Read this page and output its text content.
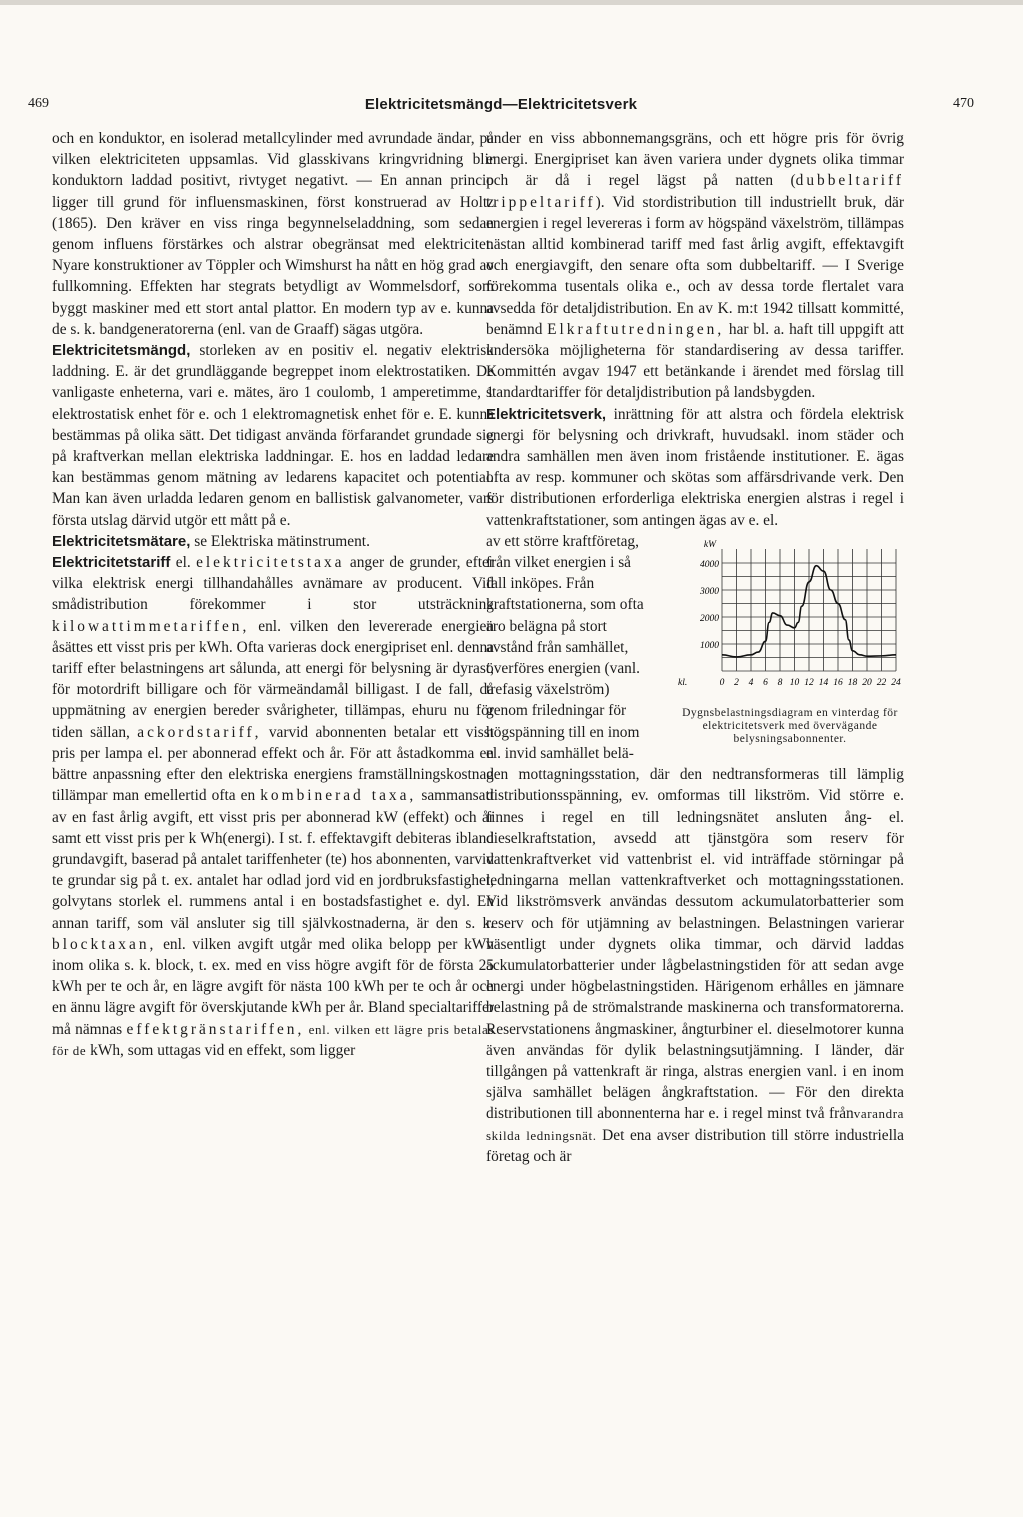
469	Elektricitetsmängd—Elektricitetsverk	470

och en konduktor, en isolerad metallcylinder med avrundade ändar, på vilken elektriciteten uppsamlas. Vid glasskivans kringvridning blir konduktorn laddad positivt, rivtyget negativt. — En annan princip ligger till grund för influensmaskinen, först konstruerad av Holtz (1865). Den kräver en viss ringa begynnelseladdning, som sedan genom influens förstärkes och alstrar obegränsat med elektricitet. Nyare konstruktioner av Töppler och Wimshurst ha nått en hög grad av fullkomning. Effekten har stegrats betydligt av Wommelsdorf, som byggt maskiner med ett stort antal plattor. En modern typ av e. kunna de s. k. bandgeneratorerna (enl. van de Graaff) sägas utgöra.

Elektricitetsmängd, storleken av en positiv el. negativ elektrisk laddning. E. är det grundläggande begreppet inom elektrostatiken. De vanligaste enheterna, vari e. mätes, äro 1 coulomb, 1 amperetimme, 1 elektrostatisk enhet för e. och 1 elektromagnetisk enhet för e. E. kunna bestämmas på olika sätt. Det tidigast använda förfarandet grundade sig på kraftverkan mellan elektriska laddningar. E. hos en laddad ledare kan bestämmas genom mätning av ledarens kapacitet och potential. Man kan även urladda ledaren genom en ballistisk galvanometer, vars första utslag därvid utgör ett mått på e.

Elektricitetsmätare, se Elektriska mätinstrument.

Elektricitetstariff el. elektricitetstaxa anger de grunder, efter vilka elektrisk energi tillhandahålles avnämare av producent. Vid smådistribution förekommer i stor utsträckning kilowattimmetariffen, enl. vilken den levererade energien åsättes ett visst pris per kWh. Ofta varieras dock energipriset enl. denna tariff efter belastningens art sålunda, att energi för belysning är dyrast, för motordrift billigare och för värmeändamål billigast. I de fall, då uppmätning av energien bereder svårigheter, tillämpas, ehuru nu för tiden sällan, ackordstariff, varvid abonnenten betalar ett visst pris per lampa el. per abonnerad effekt och år. För att åstadkomma en bättre anpassning efter den elektriska energiens framställningskostnad tillämpar man emellertid ofta en kombinerad taxa, sammansatt av en fast årlig avgift, ett visst pris per abonnerad kW (effekt) och år samt ett visst pris per k Wh(energi). I st. f. effektavgift debiteras ibland grundavgift, baserad på antalet tariffenheter (te) hos abonnenten, varvid te grundar sig på t. ex. antalet har odlad jord vid en jordbruksfastighet, golvytans storlek el. rummens antal i en bostadsfastighet e. dyl. En annan tariff, som väl ansluter sig till självkostnaderna, är den s. k. blocktaxan, enl. vilken avgift utgår med olika belopp per kWh inom olika s. k. block, t. ex. med en viss högre avgift för de första 25 kWh per te och år, en lägre avgift för nästa 100 kWh per te och år och en ännu lägre avgift för överskjutande kWh per år. Bland specialtariffer må nämnas effektgränstariffen, enl. vilken ett lägre pris betalas för de kWh, som uttagas vid en effekt, som ligger

under en viss abbonnemangsgräns, och ett högre pris för övrig energi. Energipriset kan även variera under dygnets olika timmar och är då i regel lägst på natten (dubbeltariff trippeltariff). Vid stordistribution till industriellt bruk, där energien i regel levereras i form av högspänd växelström, tillämpas nästan alltid kombinerad tariff med fast årlig avgift, effektavgift och energiavgift, den senare ofta som dubbeltariff. — I Sverige förekomma tusentals olika e., och av dessa torde flertalet vara avsedda för detaljdistribution. En av K. m:t 1942 tillsatt kommitté, benämnd Elkraftutredningen, har bl. a. haft till uppgift att undersöka möjligheterna för standardisering av dessa tariffer. Kommittén avgav 1947 ett betänkande i ärendet med förslag till standardtariffer för detaljdistribution på landsbygden.

Elektricitetsverk, inrättning för att alstra och fördela elektrisk energi för belysning och drivkraft, huvudsakl. inom städer och andra samhällen men även inom fristående institutioner. E. ägas ofta av resp. kommuner och skötas som affärsdrivande verk. Den för distributionen erforderliga elektriska energien alstras i regel i vattenkraftstationer, som antingen ägas av e. el.

av ett större kraftföretag, från vilket energien i så fall inköpes. Från kraftstationerna, som ofta äro belägna på stort avstånd från samhället, överföres energien (vanl. trefasig växelström) genom friledningar för högspänning till en inom el. invid samhället belä-

1000
2000
3000
4000
kW
kl.	0 2 4 6 8 10 12 14 16 18 20 22 24
Dygnsbelastningsdiagram en vinterdag för elektricitetsverk med övervägande belysningsabonnenter.

gen mottagningsstation, där den nedtransformeras till lämplig distributionsspänning, ev. omformas till likström. Vid större e. finnes i regel en till ledningsnätet ansluten ång- el. dieselkraftstation, avsedd att tjänstgöra som reserv för vattenkraftverket vid vattenbrist el. vid inträffade störningar på ledningarna mellan vattenkraftverket och mottagningsstationen. Vid likströmsverk användas dessutom ackumulatorbatterier som reserv och för utjämning av belastningen. Belastningen varierar väsentligt under dygnets olika timmar, och därvid laddas ackumulatorbatterier under lågbelastningstiden för att sedan avge energi under högbelastningstiden. Härigenom erhålles en jämnare belastning på de strömalstrande maskinerna och transformatorerna. Reservstationens ångmaskiner, ångturbiner el. dieselmotorer kunna även användas för dylik belastningsutjämning. I länder, där tillgången på vattenkraft är ringa, alstras energien vanl. i en inom själva samhället belägen ångkraftstation. — För den direkta distributionen till abonnenterna har e. i regel minst två frånvarandra skilda ledningsnät. Det ena avser distribution till större industriella företag och är
